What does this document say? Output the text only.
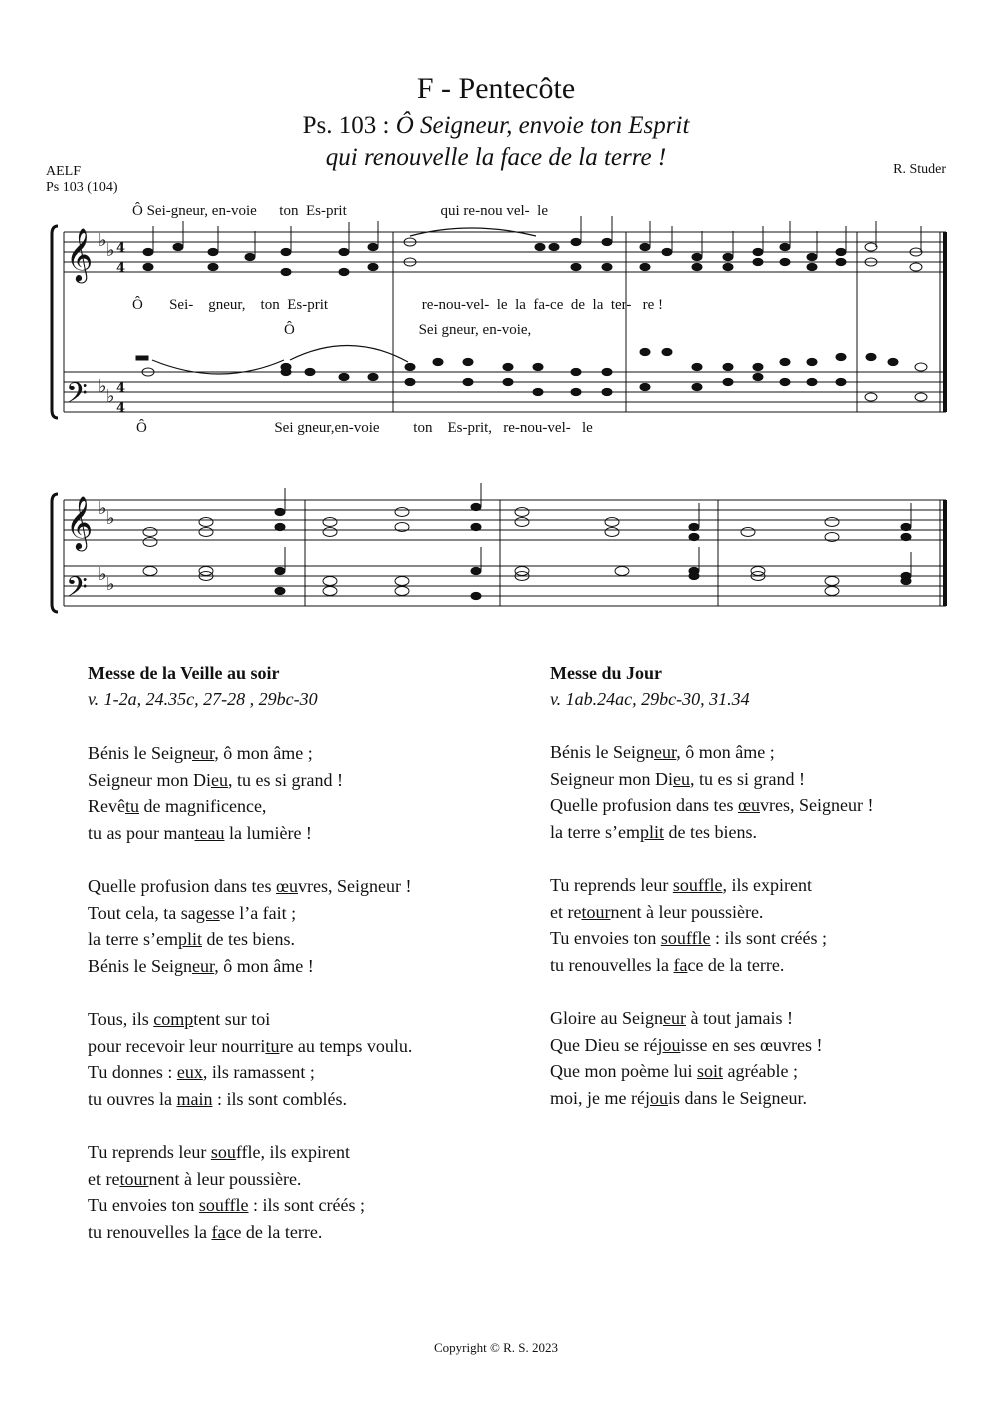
F - Pentecôte
Ps. 103 : Ô Seigneur, envoie ton Esprit
qui renouvelle la face de la terre !
AELF
Ps 103 (104)
R. Studer
𝄞
𝄢
𝄞
𝄢
♭ ♭
♭ ♭
♭ ♭
♭ ♭
4
4
4
4
Ô Sei-gneur, en-voie      ton  Es-prit                         qui re-nou vel-  le
Ô       Sei-    gneur,    ton  Es-prit                         re-nou-vel-  le  la  fa-ce  de  la  ter-   re !
Ô                                 Sei gneur, en-voie,
Ô                                  Sei gneur,en-voie         ton    Es-prit,   re-nou-vel-   le
Messe de la Veille au soir
v. 1-2a, 24.35c, 27-28 , 29bc-30
Bénis le Seigneur, ô mon âme ;
Seigneur mon Dieu, tu es si grand !
Revêtu de magnificence,
tu as pour manteau la lumière !
Quelle profusion dans tes œuvres, Seigneur !
Tout cela, ta sagesse l’a fait ;
la terre s’emplit de tes biens.
Bénis le Seigneur, ô mon âme !
Tous, ils comptent sur toi
pour recevoir leur nourriture au temps voulu.
Tu donnes : eux, ils ramassent ;
tu ouvres la main : ils sont comblés.
Tu reprends leur souffle, ils expirent
et retournent à leur poussière.
Tu envoies ton souffle : ils sont créés ;
tu renouvelles la face de la terre.
Messe du Jour
v. 1ab.24ac, 29bc-30, 31.34
Bénis le Seigneur, ô mon âme ;
Seigneur mon Dieu, tu es si grand !
Quelle profusion dans tes œuvres, Seigneur !
la terre s’emplit de tes biens.
Tu reprends leur souffle, ils expirent
et retournent à leur poussière.
Tu envoies ton souffle : ils sont créés ;
tu renouvelles la face de la terre.
Gloire au Seigneur à tout jamais !
Que Dieu se réjouisse en ses œuvres !
Que mon poème lui soit agréable ;
moi, je me réjouis dans le Seigneur.
Copyright © R. S. 2023
